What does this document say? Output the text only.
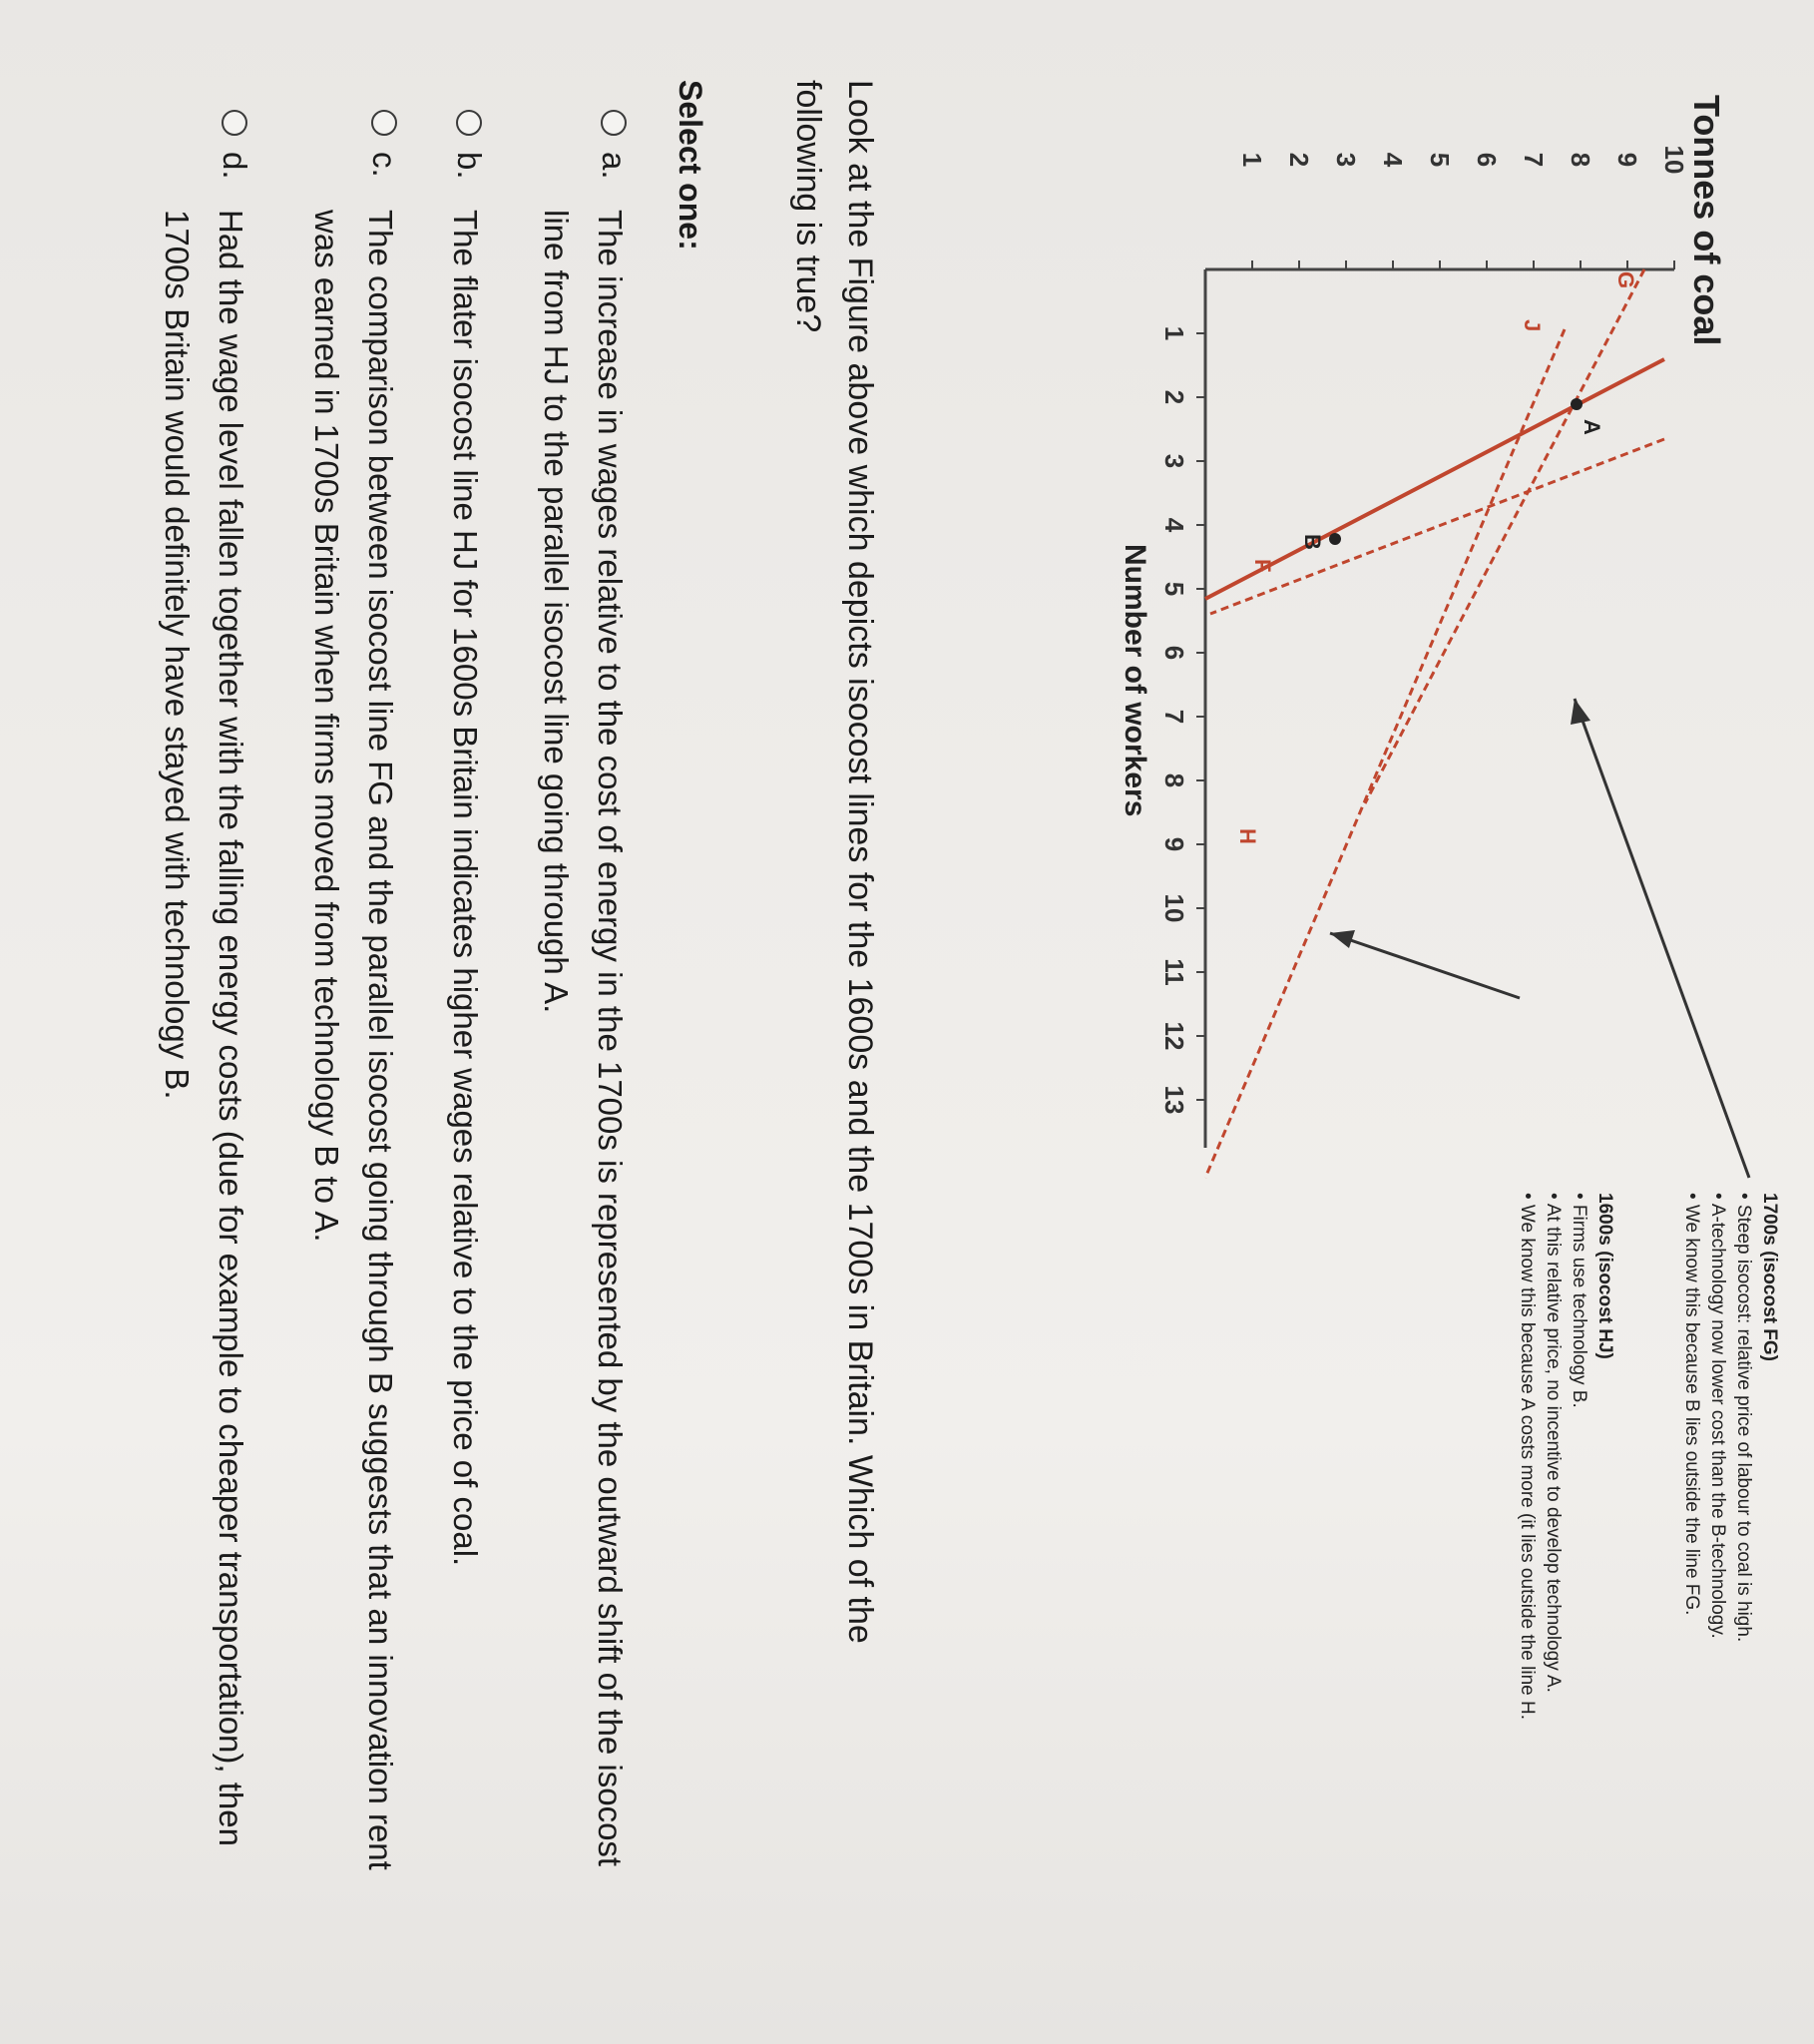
1
2
3
4
5
6
7
8
9
10
11
12
13
1 2 3 4 5 6 7 8 9 10
Tonnes of coal
Number of workers
A
B
F
G
H
J
1700s (isocost FG) • Steep isocost: relative price of labour to coal is high. • A-technology now lower cost than the B-technology. • We know this because B lies outside the line FG.
1600s (isocost HJ) • Firms use technology B. • At this relative price, no incentive to develop technology A. • We know this because A costs more (it lies outside the line H.

Look at the Figure above which depicts isocost lines for the 1600s and the 1700s in Britain. Which of the following is true?

Select one:
a.
The increase in wages relative to the cost of energy in the 1700s is represented by the outward shift of the isocost line from HJ to the parallel isocost line going through A.
b.
The flater isocost line HJ for 1600s Britain indicates higher wages relative to the price of coal.
c.
The comparison between isocost line FG and the parallel isocost going through B suggests that an innovation rent was earned in 1700s Britain when firms moved from technology B to A.
d.
Had the wage level fallen together with the falling energy costs (due for example to cheaper transportation), then 1700s Britain would definitely have stayed with technology B.
